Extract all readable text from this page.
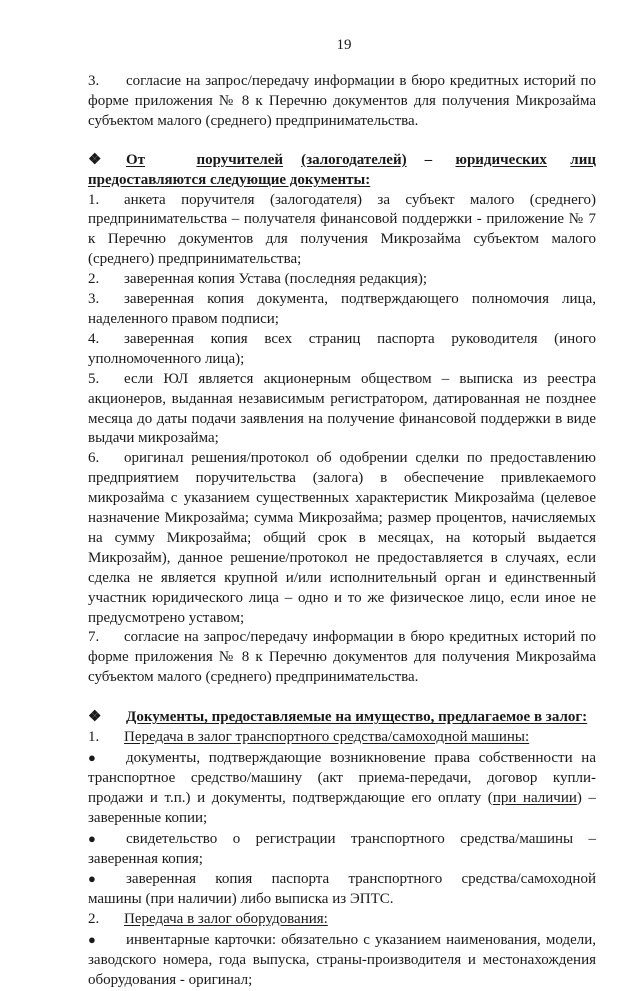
19

3. согласие на запрос/передачу информации в бюро кредитных историй по

форме приложения № 8 к Перечню документов для получения Микрозайма

субъектом малого (среднего) предпринимательства.

❖	От	поручителей (залогодателей) – юридических лиц

предоставляются следующие документы:

1. анкета поручителя (залогодателя) за субъект малого (среднего)

предпринимательства – получателя финансовой поддержки - приложение № 7

к Перечню документов для получения Микрозайма субъектом малого

(среднего) предпринимательства;

2. заверенная копия Устава (последняя редакция);

3. заверенная копия документа, подтверждающего полномочия лица,

наделенного правом подписи;

4. заверенная копия всех страниц паспорта руководителя (иного

уполномоченного лица);

5. если ЮЛ является акционерным обществом – выписка из реестра

акционеров, выданная независимым регистратором, датированная не позднее

месяца до даты подачи заявления на получение финансовой поддержки в виде

выдачи микрозайма;

6. оригинал решения/протокол об одобрении сделки по предоставлению

предприятием поручительства (залога) в обеспечение привлекаемого

микрозайма с указанием существенных характеристик Микрозайма (целевое

назначение Микрозайма; сумма Микрозайма; размер процентов, начисляемых

на сумму Микрозайма; общий срок в месяцах, на который выдается

Микрозайм), данное решение/протокол не предоставляется в случаях, если

сделка не является крупной и/или исполнительный орган и единственный

участник юридического лица – одно и то же физическое лицо, если иное не

предусмотрено уставом;

7. согласие на запрос/передачу информации в бюро кредитных историй по

форме приложения № 8 к Перечню документов для получения Микрозайма

субъектом малого (среднего) предпринимательства.

❖ Документы, предоставляемые на имущество, предлагаемое в залог:

1. Передача в залог транспортного средства/самоходной машины:

● документы, подтверждающие возникновение права собственности на

транспортное средство/машину (акт приема-передачи, договор купли-

продажи и т.п.) и документы, подтверждающие его оплату (при наличии) –

заверенные копии;

● свидетельство о регистрации транспортного средства/машины –

заверенная копия;

● заверенная копия паспорта транспортного средства/самоходной

машины (при наличии) либо выписка из ЭПТС.

2. Передача в залог оборудования:

● инвентарные карточки: обязательно с указанием наименования, модели,

заводского номера, года выпуска, страны-производителя и местонахождения

оборудования - оригинал;
